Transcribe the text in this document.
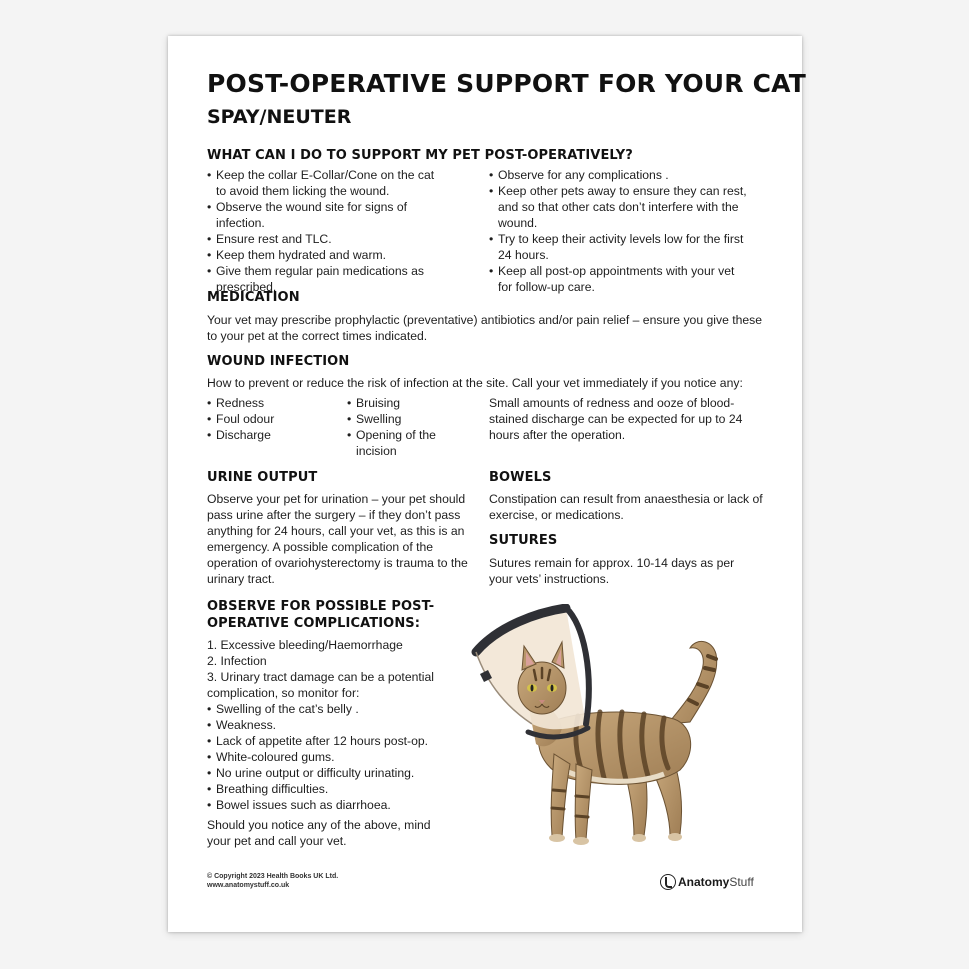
POST-OPERATIVE SUPPORT FOR YOUR CAT
SPAY/NEUTER
WHAT CAN I DO TO SUPPORT MY PET POST-OPERATIVELY?
• Keep the collar E-Collar/Cone on the cat to avoid them licking the wound.
• Observe the wound site for signs of infection.
• Ensure rest and TLC.
• Keep them hydrated and warm.
• Give them regular pain medications as prescribed.
• Observe for any complications .
• Keep other pets away to ensure they can rest, and so that other cats don’t interfere with the wound.
• Try to keep their activity levels low for the first 24 hours.
• Keep all post-op appointments with your vet for follow-up care.
MEDICATION

Your vet may prescribe prophylactic (preventative) antibiotics and/or pain relief – ensure you give these to your pet at the correct times indicated.

WOUND INFECTION

How to prevent or reduce the risk of infection at the site. Call your vet immediately if you notice any:

• Redness
• Foul odour
• Discharge
• Bruising
• Swelling
• Opening of the incision

Small amounts of redness and ooze of blood-stained discharge can be expected for up to 24 hours after the operation.

URINE OUTPUT

Observe your pet for urination – your pet should pass urine after the surgery – if they don’t pass anything for 24 hours, call your vet, as this is an emergency. A possible complication of the operation of ovariohysterectomy is trauma to the urinary tract.

BOWELS

Constipation can result from anaesthesia or lack of exercise, or medications.

SUTURES

Sutures remain for approx. 10-14 days as per your vets’ instructions.

OBSERVE FOR POSSIBLE POST-OPERATIVE COMPLICATIONS:
1. Excessive bleeding/Haemorrhage
2. Infection
3. Urinary tract damage can be a potential complication, so monitor for:
• Swelling of the cat’s belly .
• Weakness.
• Lack of appetite after 12 hours post-op.
• White-coloured gums.
• No urine output or difficulty urinating.
• Breathing difficulties.
• Bowel issues such as diarrhoea.

Should you notice any of the above, mind your pet and call your vet.

© Copyright 2023 Health Books UK Ltd.
www.anatomystuff.co.uk	AnatomyStuff
